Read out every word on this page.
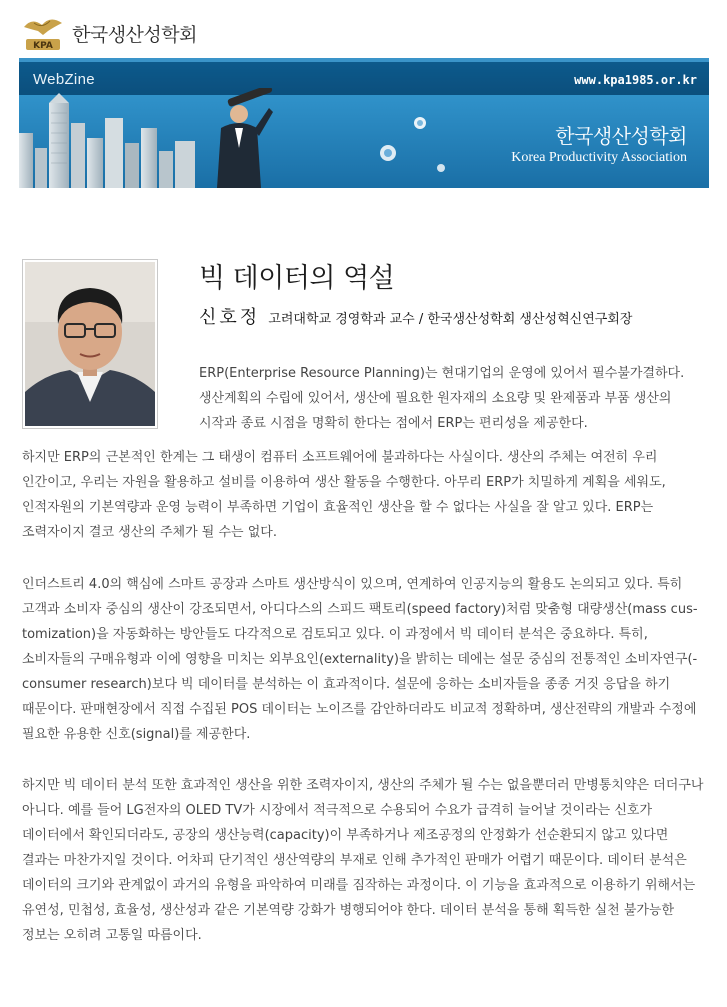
KPA
한국생산성학회
WebZine	www.kpa1985.or.kr
한국생산성학회
Korea Productivity Association
빅 데이터의 역설
신호정 고려대학교 경영학과 교수 / 한국생산성학회 생산성혁신연구회장
ERP(Enterprise Resource Planning)는 현대기업의 운영에 있어서 필수불가결하다.
생산계획의 수립에 있어서, 생산에 필요한 원자재의 소요량 및 완제품과 부품 생산의
시작과 종료 시점을 명확히 한다는 점에서 ERP는 편리성을 제공한다.
하지만 ERP의 근본적인 한계는 그 태생이 컴퓨터 소프트웨어에 불과하다는 사실이다. 생산의 주체는 여전히 우리
인간이고, 우리는 자원을 활용하고 설비를 이용하여 생산 활동을 수행한다. 아무리 ERP가 치밀하게 계획을 세워도,
인적자원의 기본역량과 운영 능력이 부족하면 기업이 효율적인 생산을 할 수 없다는 사실을 잘 알고 있다. ERP는
조력자이지 결코 생산의 주체가 될 수는 없다.
인더스트리 4.0의 핵심에 스마트 공장과 스마트 생산방식이 있으며, 연계하여 인공지능의 활용도 논의되고 있다. 특히
고객과 소비자 중심의 생산이 강조되면서, 아디다스의 스피드 팩토리(speed factory)처럼 맞춤형 대량생산(mass cus-
tomization)을 자동화하는 방안들도 다각적으로 검토되고 있다. 이 과정에서 빅 데이터 분석은 중요하다. 특히,
소비자들의 구매유형과 이에 영향을 미치는 외부요인(externality)을 밝히는 데에는 설문 중심의 전통적인 소비자연구(-
consumer research)보다 빅 데이터를 분석하는 이 효과적이다. 설문에 응하는 소비자들을 종종 거짓 응답을 하기
때문이다. 판매현장에서 직접 수집된 POS 데이터는 노이즈를 감안하더라도 비교적 정확하며, 생산전략의 개발과 수정에
필요한 유용한 신호(signal)를 제공한다.
하지만 빅 데이터 분석 또한 효과적인 생산을 위한 조력자이지, 생산의 주체가 될 수는 없을뿐더러 만병통치약은 더더구나
아니다. 예를 들어 LG전자의 OLED TV가 시장에서 적극적으로 수용되어 수요가 급격히 늘어날 것이라는 신호가
데이터에서 확인되더라도, 공장의 생산능력(capacity)이 부족하거나 제조공정의 안정화가 선순환되지 않고 있다면
결과는 마찬가지일 것이다. 어차피 단기적인 생산역량의 부재로 인해 추가적인 판매가 어렵기 때문이다. 데이터 분석은
데이터의 크기와 관계없이 과거의 유형을 파악하여 미래를 짐작하는 과정이다. 이 기능을 효과적으로 이용하기 위해서는
유연성, 민첩성, 효율성, 생산성과 같은 기본역량 강화가 병행되어야 한다. 데이터 분석을 통해 획득한 실천 불가능한
정보는 오히려 고통일 따름이다.
